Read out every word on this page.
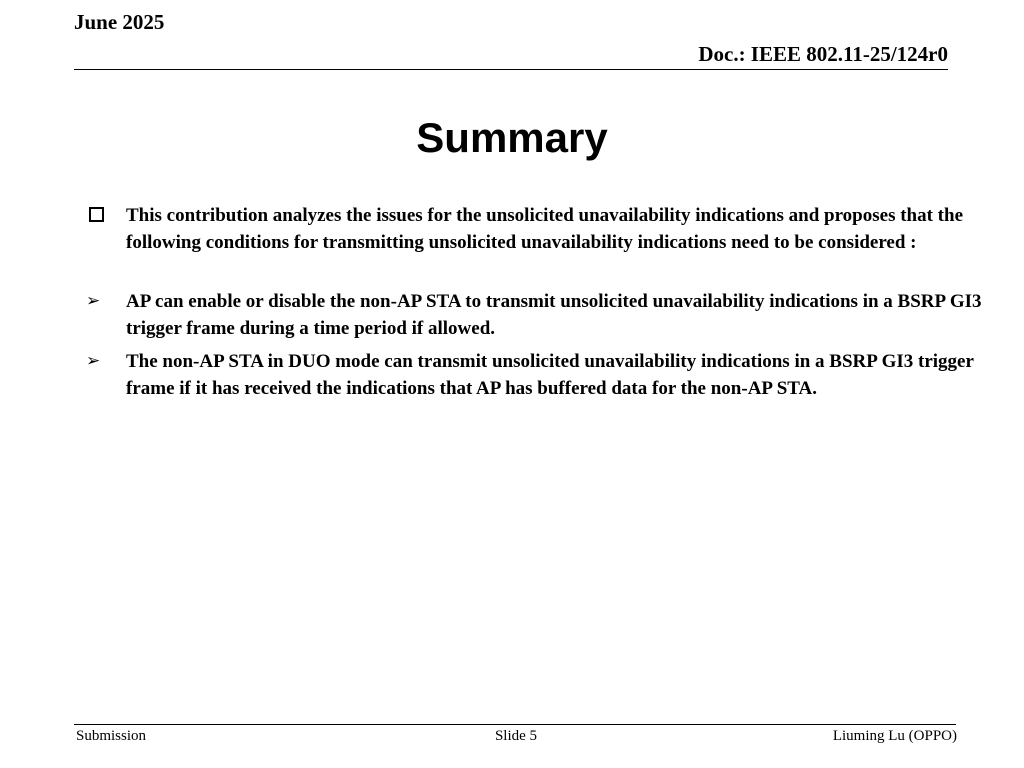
June 2025
Doc.: IEEE 802.11-25/124r0
Summary
This contribution analyzes the issues for the unsolicited unavailability indications and proposes that the following conditions for transmitting unsolicited unavailability indications need to be considered :
➢ AP can enable or disable the non-AP STA to transmit unsolicited unavailability indications in a BSRP GI3 trigger frame during a time period if allowed.
➢ The non-AP STA in DUO mode can transmit unsolicited unavailability indications in a BSRP GI3 trigger frame if it has received the indications that AP has buffered data for the non-AP STA.
Submission	Slide 5	Liuming Lu (OPPO)
